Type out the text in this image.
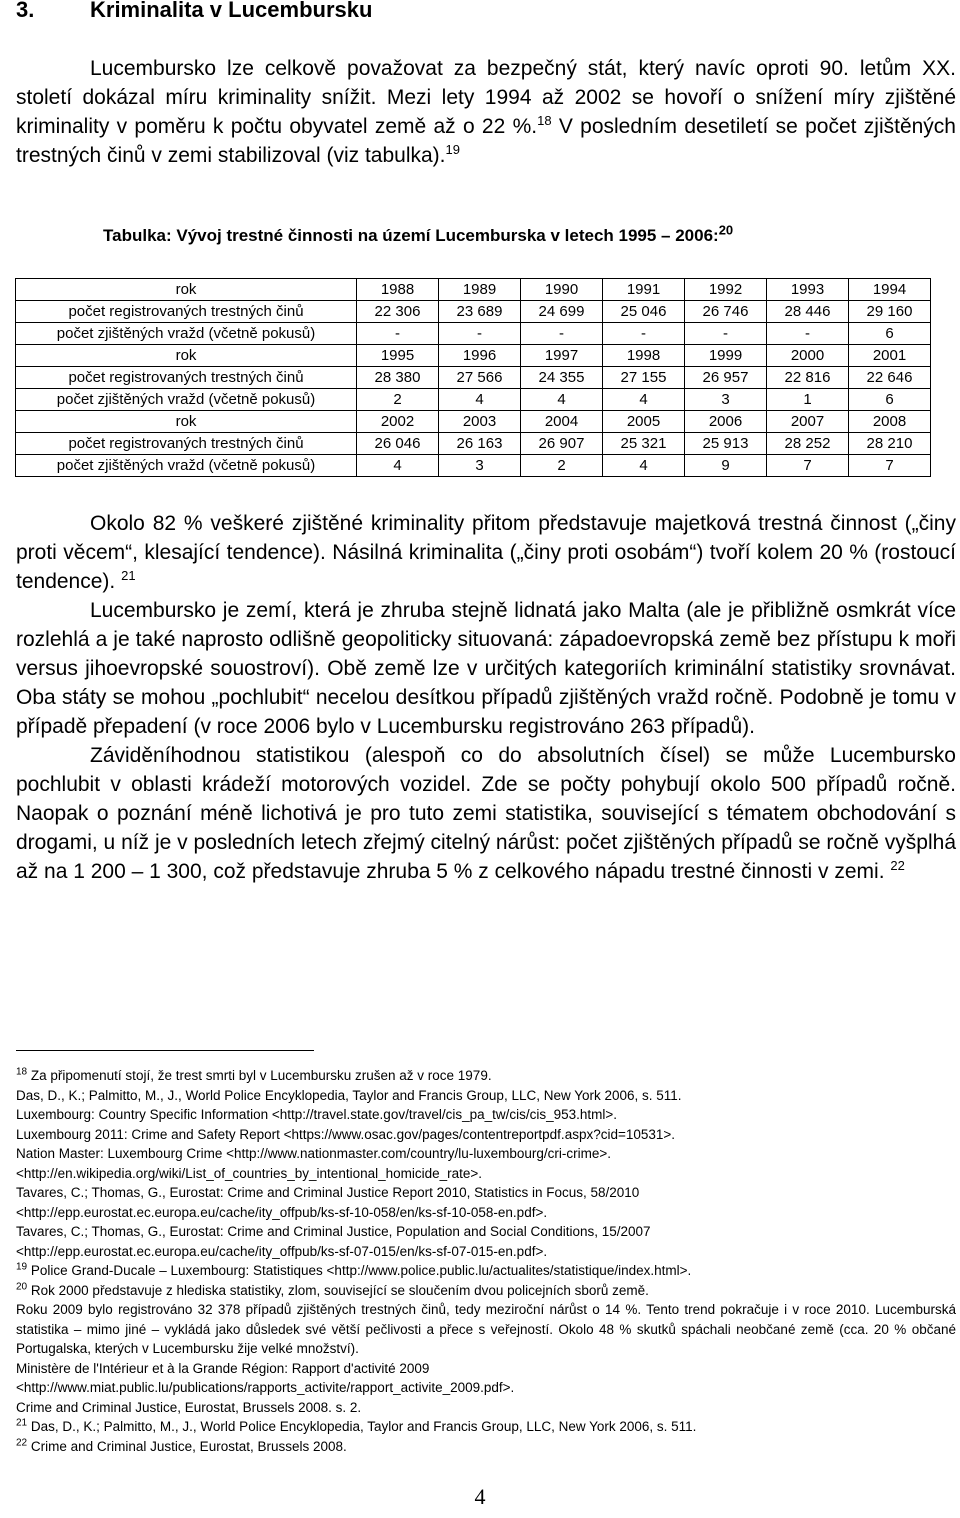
3.	Kriminalita v Lucembursku

Lucembursko lze celkově považovat za bezpečný stát, který navíc oproti 90. letům XX. století dokázal míru kriminality snížit. Mezi lety 1994 až 2002 se hovoří o snížení míry zjištěné kriminality v poměru k počtu obyvatel země až o 22 %.$^{18}$ V posledním desetiletí se počet zjištěných trestných činů v zemi stabilizoval (viz tabulka).$^{19}$

Tabulka: Vývoj trestné činnosti na území Lucemburska v letech 1995 – 2006:$^{20}$
rok	1988	1989	1990	1991	1992	1993	1994
počet registrovaných trestných činů	22 306	23 689	24 699	25 046	26 746	28 446	29 160
počet zjištěných vražd (včetně pokusů)	-	-	-	-	-	-	6
rok	1995	1996	1997	1998	1999	2000	2001
počet registrovaných trestných činů	28 380	27 566	24 355	27 155	26 957	22 816	22 646
počet zjištěných vražd (včetně pokusů)	2	4	4	4	3	1	6
rok	2002	2003	2004	2005	2006	2007	2008
počet registrovaných trestných činů	26 046	26 163	26 907	25 321	25 913	28 252	28 210
počet zjištěných vražd (včetně pokusů)	4	3	2	4	9	7	7

Okolo 82 % veškeré zjištěné kriminality přitom představuje majetková trestná činnost („činy proti věcem“, klesající tendence). Násilná kriminalita („činy proti osobám“) tvoří kolem 20 % (rostoucí tendence). $^{21}$

Lucembursko je zemí, která je zhruba stejně lidnatá jako Malta (ale je přibližně osmkrát více rozlehlá a je také naprosto odlišně geopoliticky situovaná: západoevropská země bez přístupu k moři versus jihoevropské souostroví). Obě země lze v určitých kategoriích kriminální statistiky srovnávat. Oba státy se mohou „pochlubit“ necelou desítkou případů zjištěných vražd ročně. Podobně je tomu v případě přepadení (v roce 2006 bylo v Lucembursku registrováno 263 případů).

Záviděníhodnou statistikou (alespoň co do absolutních čísel) se může Lucembursko pochlubit v oblasti krádeží motorových vozidel. Zde se počty pohybují okolo 500 případů ročně. Naopak o poznání méně lichotivá je pro tuto zemi statistika, související s tématem obchodování s drogami, u níž je v posledních letech zřejmý citelný nárůst: počet zjištěných případů se ročně vyšplhá až na 1 200 – 1 300, což představuje zhruba 5 % z celkového nápadu trestné činnosti v zemi. $^{22}$

$^{18}$ Za připomenutí stojí, že trest smrti byl v Lucembursku zrušen až v roce 1979.

Das, D., K.; Palmitto, M., J., World Police Encyklopedia, Taylor and Francis Group, LLC, New York 2006, s. 511.

Luxembourg: Country Specific Information <http://travel.state.gov/travel/cis_pa_tw/cis/cis_953.html>.

Luxembourg 2011: Crime and Safety Report <https://www.osac.gov/pages/contentreportpdf.aspx?cid=10531>.

Nation Master: Luxembourg Crime <http://www.nationmaster.com/country/lu-luxembourg/cri-crime>.

<http://en.wikipedia.org/wiki/List_of_countries_by_intentional_homicide_rate>.

Tavares, C.; Thomas, G., Eurostat: Crime and Criminal Justice Report 2010, Statistics in Focus, 58/2010

<http://epp.eurostat.ec.europa.eu/cache/ity_offpub/ks-sf-10-058/en/ks-sf-10-058-en.pdf>.

Tavares, C.; Thomas, G., Eurostat: Crime and Criminal Justice, Population and Social Conditions, 15/2007

<http://epp.eurostat.ec.europa.eu/cache/ity_offpub/ks-sf-07-015/en/ks-sf-07-015-en.pdf>.

$^{19}$ Police Grand-Ducale – Luxembourg: Statistiques <http://www.police.public.lu/actualites/statistique/index.html>.

$^{20}$ Rok 2000 představuje z hlediska statistiky, zlom, související se sloučením dvou policejních sborů země.

Roku 2009 bylo registrováno 32 378 případů zjištěných trestných činů, tedy meziroční nárůst o 14 %. Tento trend pokračuje i v roce 2010. Lucemburská statistika – mimo jiné – vykládá jako důsledek své větší pečlivosti a přece s veřejností. Okolo 48 % skutků spáchali neobčané země (cca. 20 % občané Portugalska, kterých v Lucembursku žije velké množství).

Ministère de l'Intérieur et à la Grande Région: Rapport d'activité 2009

<http://www.miat.public.lu/publications/rapports_activite/rapport_activite_2009.pdf>.

Crime and Criminal Justice, Eurostat, Brussels 2008. s. 2.

$^{21}$ Das, D., K.; Palmitto, M., J., World Police Encyklopedia, Taylor and Francis Group, LLC, New York 2006, s. 511.

$^{22}$ Crime and Criminal Justice, Eurostat, Brussels 2008.

4
